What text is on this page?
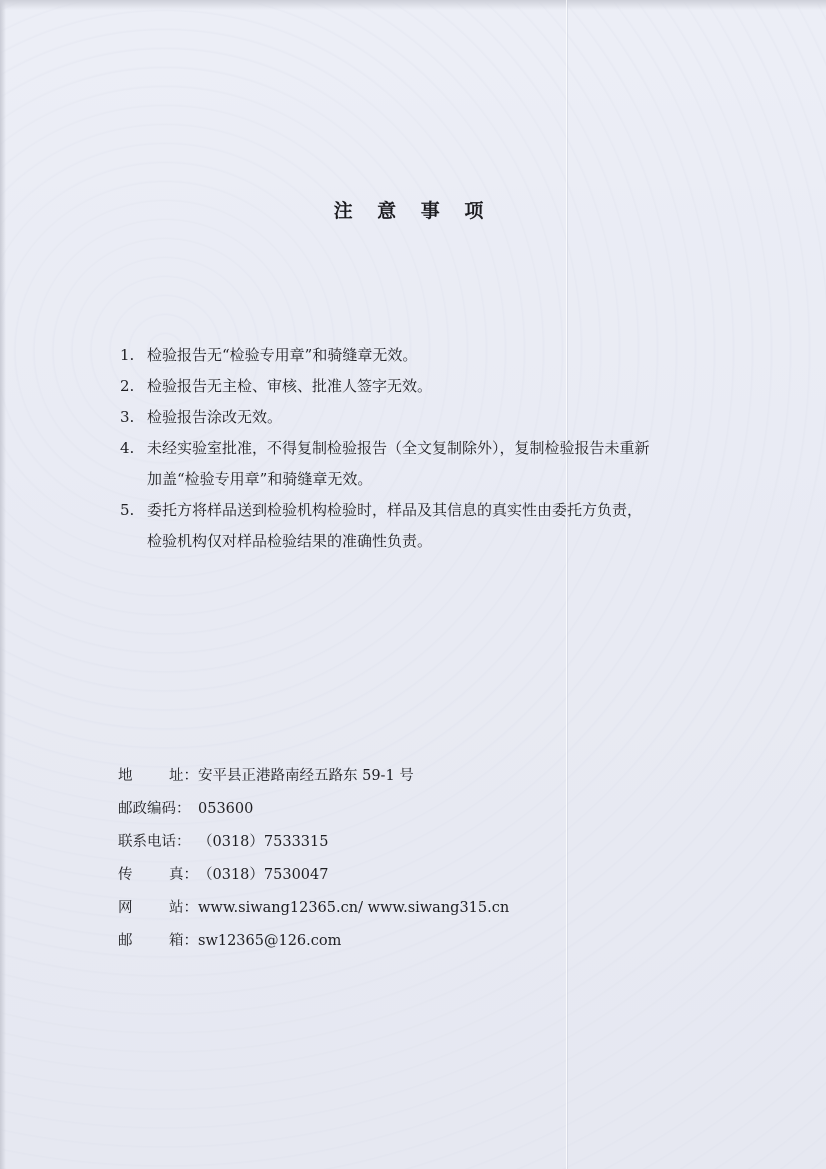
注 意 事 项
1. 检验报告无“检验专用章”和骑缝章无效。
2. 检验报告无主检、审核、批准人签字无效。
3. 检验报告涂改无效。
4. 未经实验室批准，不得复制检验报告（全文复制除外），复制检验报告未重新
加盖“检验专用章”和骑缝章无效。
5. 委托方将样品送到检验机构检验时，样品及其信息的真实性由委托方负责，
检验机构仅对样品检验结果的准确性负责。
地	址： 安平县正港路南经五路东 59-1 号
邮政编码： 053600
联系电话： （0318）7533315
传	真： （0318）7530047
网	站： www.siwang12365.cn/ www.siwang315.cn
邮	箱： sw12365@126.com
